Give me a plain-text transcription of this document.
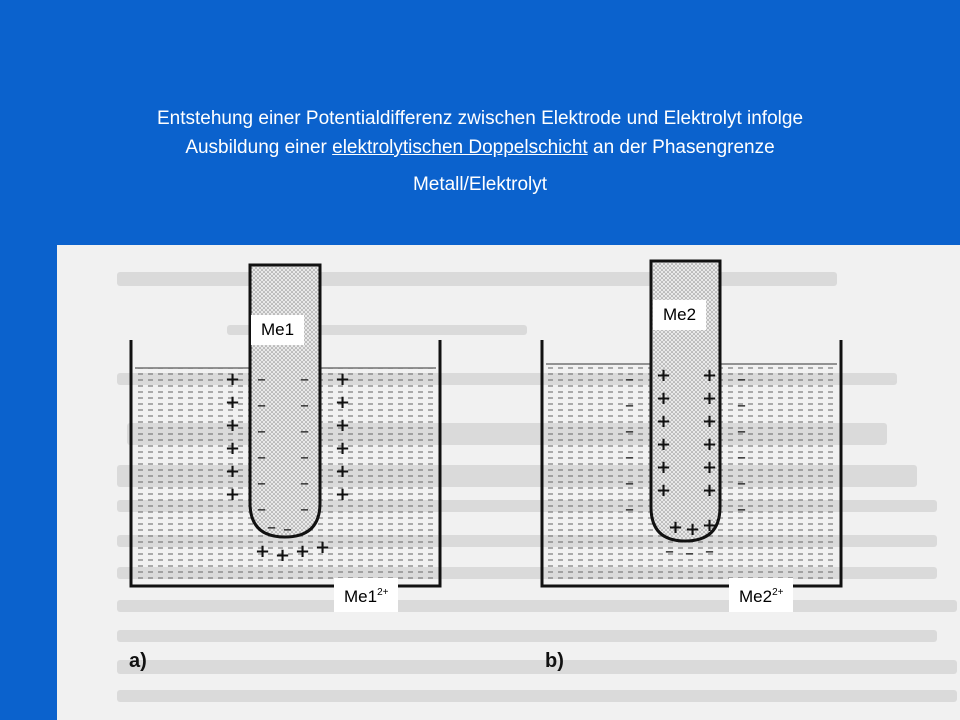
Entstehung einer Potentialdifferenz zwischen Elektrode und Elektrolyt infolge
Ausbildung einer elektrolytischen Doppelschicht an der Phasengrenze
Metall/Elektrolyt
–
–
–
–
–
–
–
–
–
–
–
–
– –
+
+
+
+
+
+
+
+
+
+
+
+
+ + + +
+
+
+
+
+
+
+
+
+
+
+
+
+ + +
–
–
–
–
–
–
–
–
–
–
–
–
– – –
a)	b)
Me1
Me2
$Me1^{2+}$	$Me2^{2+}$
